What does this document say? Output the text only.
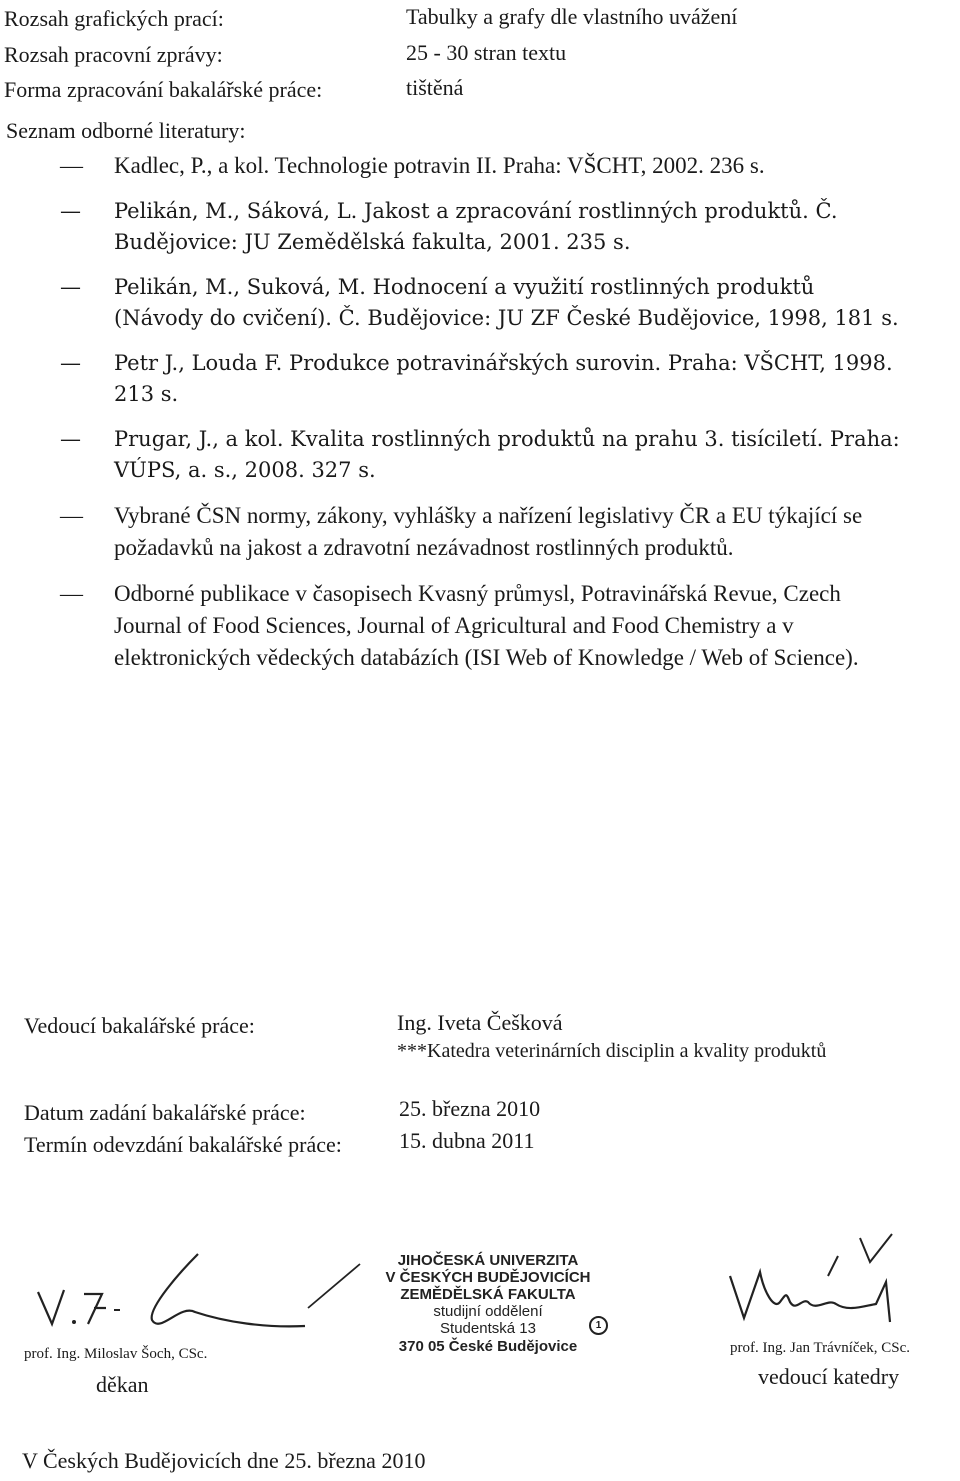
Rozsah grafických prací:	Tabulky a grafy dle vlastního uvážení
Rozsah pracovní zprávy:	25 - 30 stran textu
Forma zpracování bakalářské práce:	tištěná
Seznam odborné literatury:
— Kadlec, P., a kol. Technologie potravin II. Praha: VŠCHT, 2002. 236 s.
— Pelikán, M., Sáková, L. Jakost a zpracování rostlinných produktů. Č. Budějovice: JU Zemědělská fakulta, 2001. 235 s.
— Pelikán, M., Suková, M. Hodnocení a využití rostlinných produktů (Návody do cvičení). Č. Budějovice: JU ZF České Budějovice, 1998, 181 s.
— Petr J., Louda F. Produkce potravinářských surovin. Praha: VŠCHT, 1998. 213 s.
— Prugar, J., a kol. Kvalita rostlinných produktů na prahu 3. tisíciletí. Praha: VÚPS, a. s., 2008. 327 s.
— Vybrané ČSN normy, zákony, vyhlášky a nařízení legislativy ČR a EU týkající se požadavků na jakost a zdravotní nezávadnost rostlinných produktů.
— Odborné publikace v časopisech Kvasný průmysl, Potravinářská Revue, Czech Journal of Food Sciences, Journal of Agricultural and Food Chemistry a v elektronických vědeckých databázích (ISI Web of Knowledge / Web of Science).
Vedoucí bakalářské práce:	Ing. Iveta Češková
***Katedra veterinárních disciplin a kvality produktů
Datum zadání bakalářské práce:	25. března 2010
Termín odevzdání bakalářské práce:	15. dubna 2011
prof. Ing. Miloslav Šoch, CSc.
děkan
JIHOČESKÁ UNIVERZITA
V ČESKÝCH BUDĚJOVICÍCH
ZEMĚDĚLSKÁ FAKULTA
studijní oddělení
Studentská 13
370 05 České Budějovice
1
prof. Ing. Jan Trávníček, CSc.
vedoucí katedry
V Českých Budějovicích dne 25. března 2010
